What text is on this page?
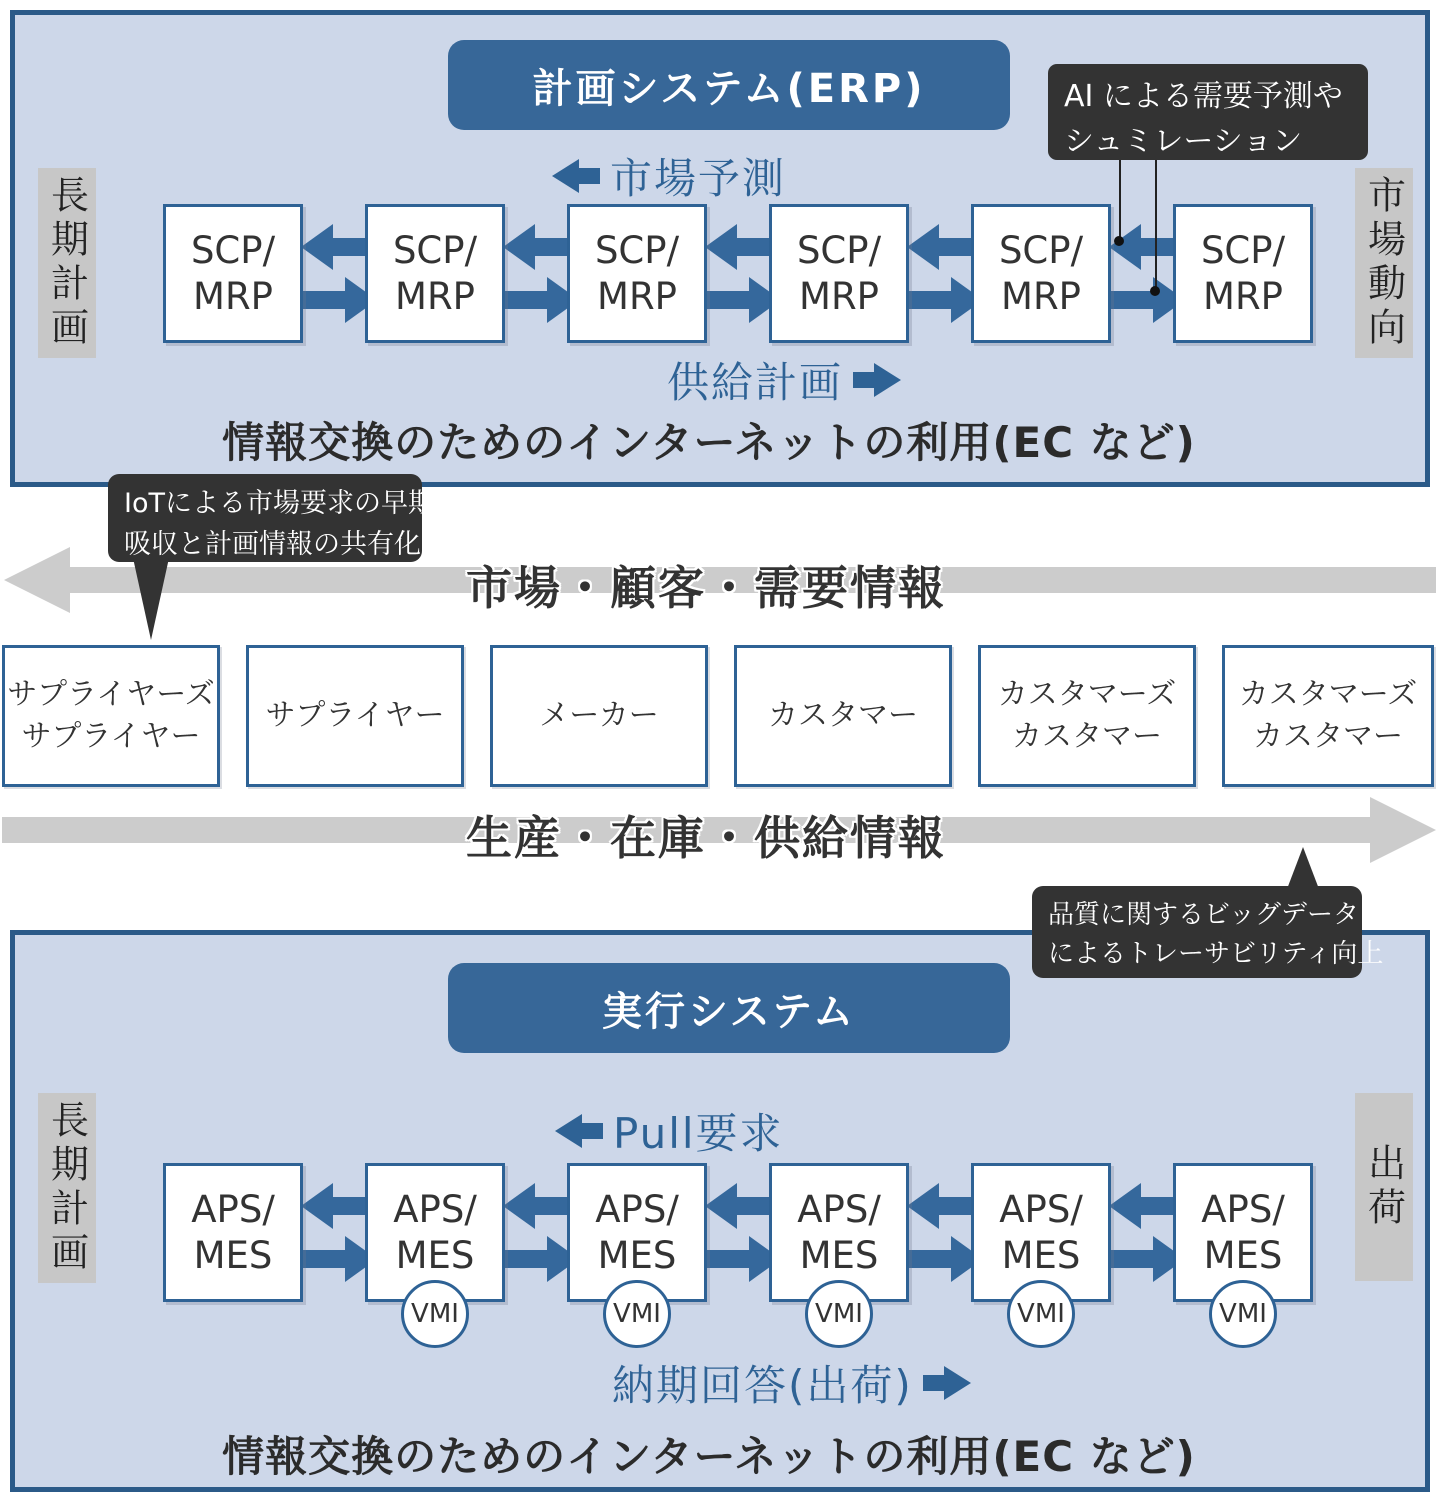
計画システム(ERP)
市場予測
SCP/
MRP
SCP/
MRP
SCP/
MRP
SCP/
MRP
SCP/
MRP
SCP/
MRP
AI による需要予測や
シュミレーション
供給計画
情報交換のためのインターネットの利用(EC など)
長期計画	市場動向
市場・顧客・需要情報
IoTによる市場要求の早期
吸収と計画情報の共有化
サプライヤーズ
サプライヤー
サプライヤー	メーカー	カスタマー
カスタマーズ
カスタマー
カスタマーズ
カスタマー
生産・在庫・供給情報
品質に関するビッグデータ
によるトレーサビリティ向上
実行システム
Pull要求
APS/
MES
APS/
MES
APS/
MES
APS/
MES
APS/
MES
APS/
MES
VMI	VMI	VMI	VMI	VMI
納期回答(出荷)
情報交換のためのインターネットの利用(EC など)
長期計画	出荷
